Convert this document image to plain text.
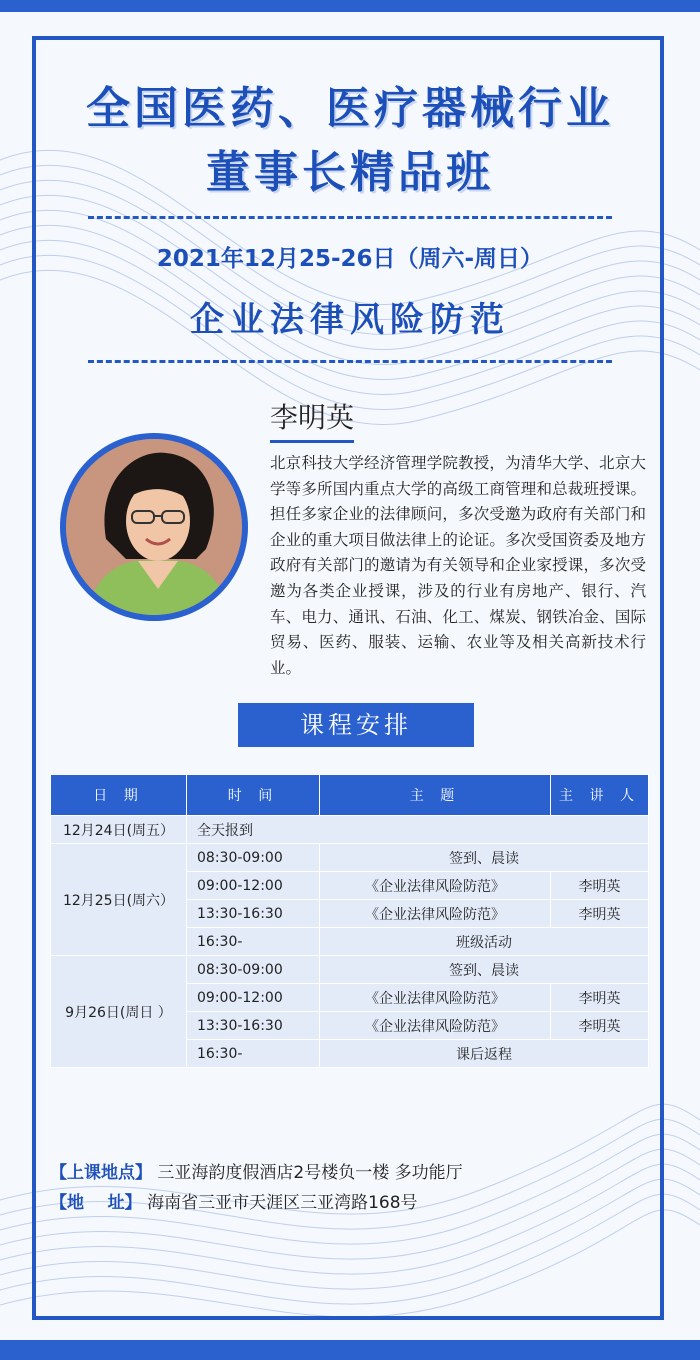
全国医药、医疗器械行业
董事长精品班
2021年12月25-26日（周六-周日）
企业法律风险防范
李明英
北京科技大学经济管理学院教授，为清华大学、北京大学等多所国内重点大学的高级工商管理和总裁班授课。担任多家企业的法律顾问，多次受邀为政府有关部门和企业的重大项目做法律上的论证。多次受国资委及地方政府有关部门的邀请为有关领导和企业家授课，多次受邀为各类企业授课，涉及的行业有房地产、银行、汽车、电力、通讯、石油、化工、煤炭、钢铁冶金、国际贸易、医药、服装、运输、农业等及相关高新技术行业。
课程安排
日 期	时 间	主 题	主 讲 人
12月24日(周五）	全天报到		
12月25日(周六）	08:30-09:00	签到、晨读	
	09:00-12:00	《企业法律风险防范》	李明英
	13:30-16:30	《企业法律风险防范》	李明英
	16:30-	班级活动	
9月26日(周日 ）	08:30-09:00	签到、晨读	
	09:00-12:00	《企业法律风险防范》	李明英
	13:30-16:30	《企业法律风险防范》	李明英
	16:30-	课后返程	
【上课地点】 三亚海韵度假酒店2号楼负一楼 多功能厅
【地    址】 海南省三亚市天涯区三亚湾路168号
